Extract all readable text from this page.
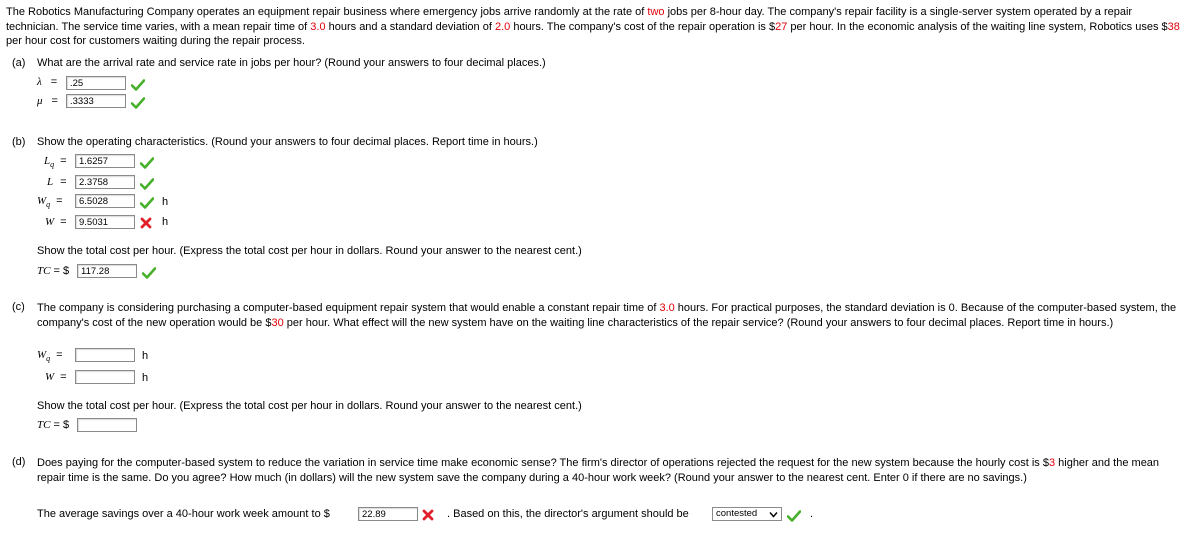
The Robotics Manufacturing Company operates an equipment repair business where emergency jobs arrive randomly at the rate of two jobs per 8-hour day. The company's repair facility is a single-server system operated by a repair technician. The service time varies, with a mean repair time of 3.0 hours and a standard deviation of 2.0 hours. The company's cost of the repair operation is $27 per hour. In the economic analysis of the waiting line system, Robotics uses $38 per hour cost for customers waiting during the repair process.
(a) What are the arrival rate and service rate in jobs per hour? (Round your answers to four decimal places.)
λ =
.25
μ =
.3333
(b) Show the operating characteristics. (Round your answers to four decimal places. Report time in hours.)
$L_q$ =
1.6257
L =
2.3758
$W_q$ =
6.5028	h
W =
9.5031	h
Show the total cost per hour. (Express the total cost per hour in dollars. Round your answer to the nearest cent.)
TC = $
117.28
(c) The company is considering purchasing a computer-based equipment repair system that would enable a constant repair time of 3.0 hours. For practical purposes, the standard deviation is 0. Because of the computer-based system, the company's cost of the new operation would be $30 per hour. What effect will the new system have on the waiting line characteristics of the repair service? (Round your answers to four decimal places. Report time in hours.)
$W_q$ =	h
W =	h
Show the total cost per hour. (Express the total cost per hour in dollars. Round your answer to the nearest cent.)
TC = $
(d) Does paying for the computer-based system to reduce the variation in service time make economic sense? The firm's director of operations rejected the request for the new system because the hourly cost is $3 higher and the mean repair time is the same. Do you agree? How much (in dollars) will the new system save the company during a 40-hour work week? (Round your answer to the nearest cent. Enter 0 if there are no savings.)
The average savings over a 40-hour work week amount to $
22.89	. Based on this, the director's argument should be	contested	.
